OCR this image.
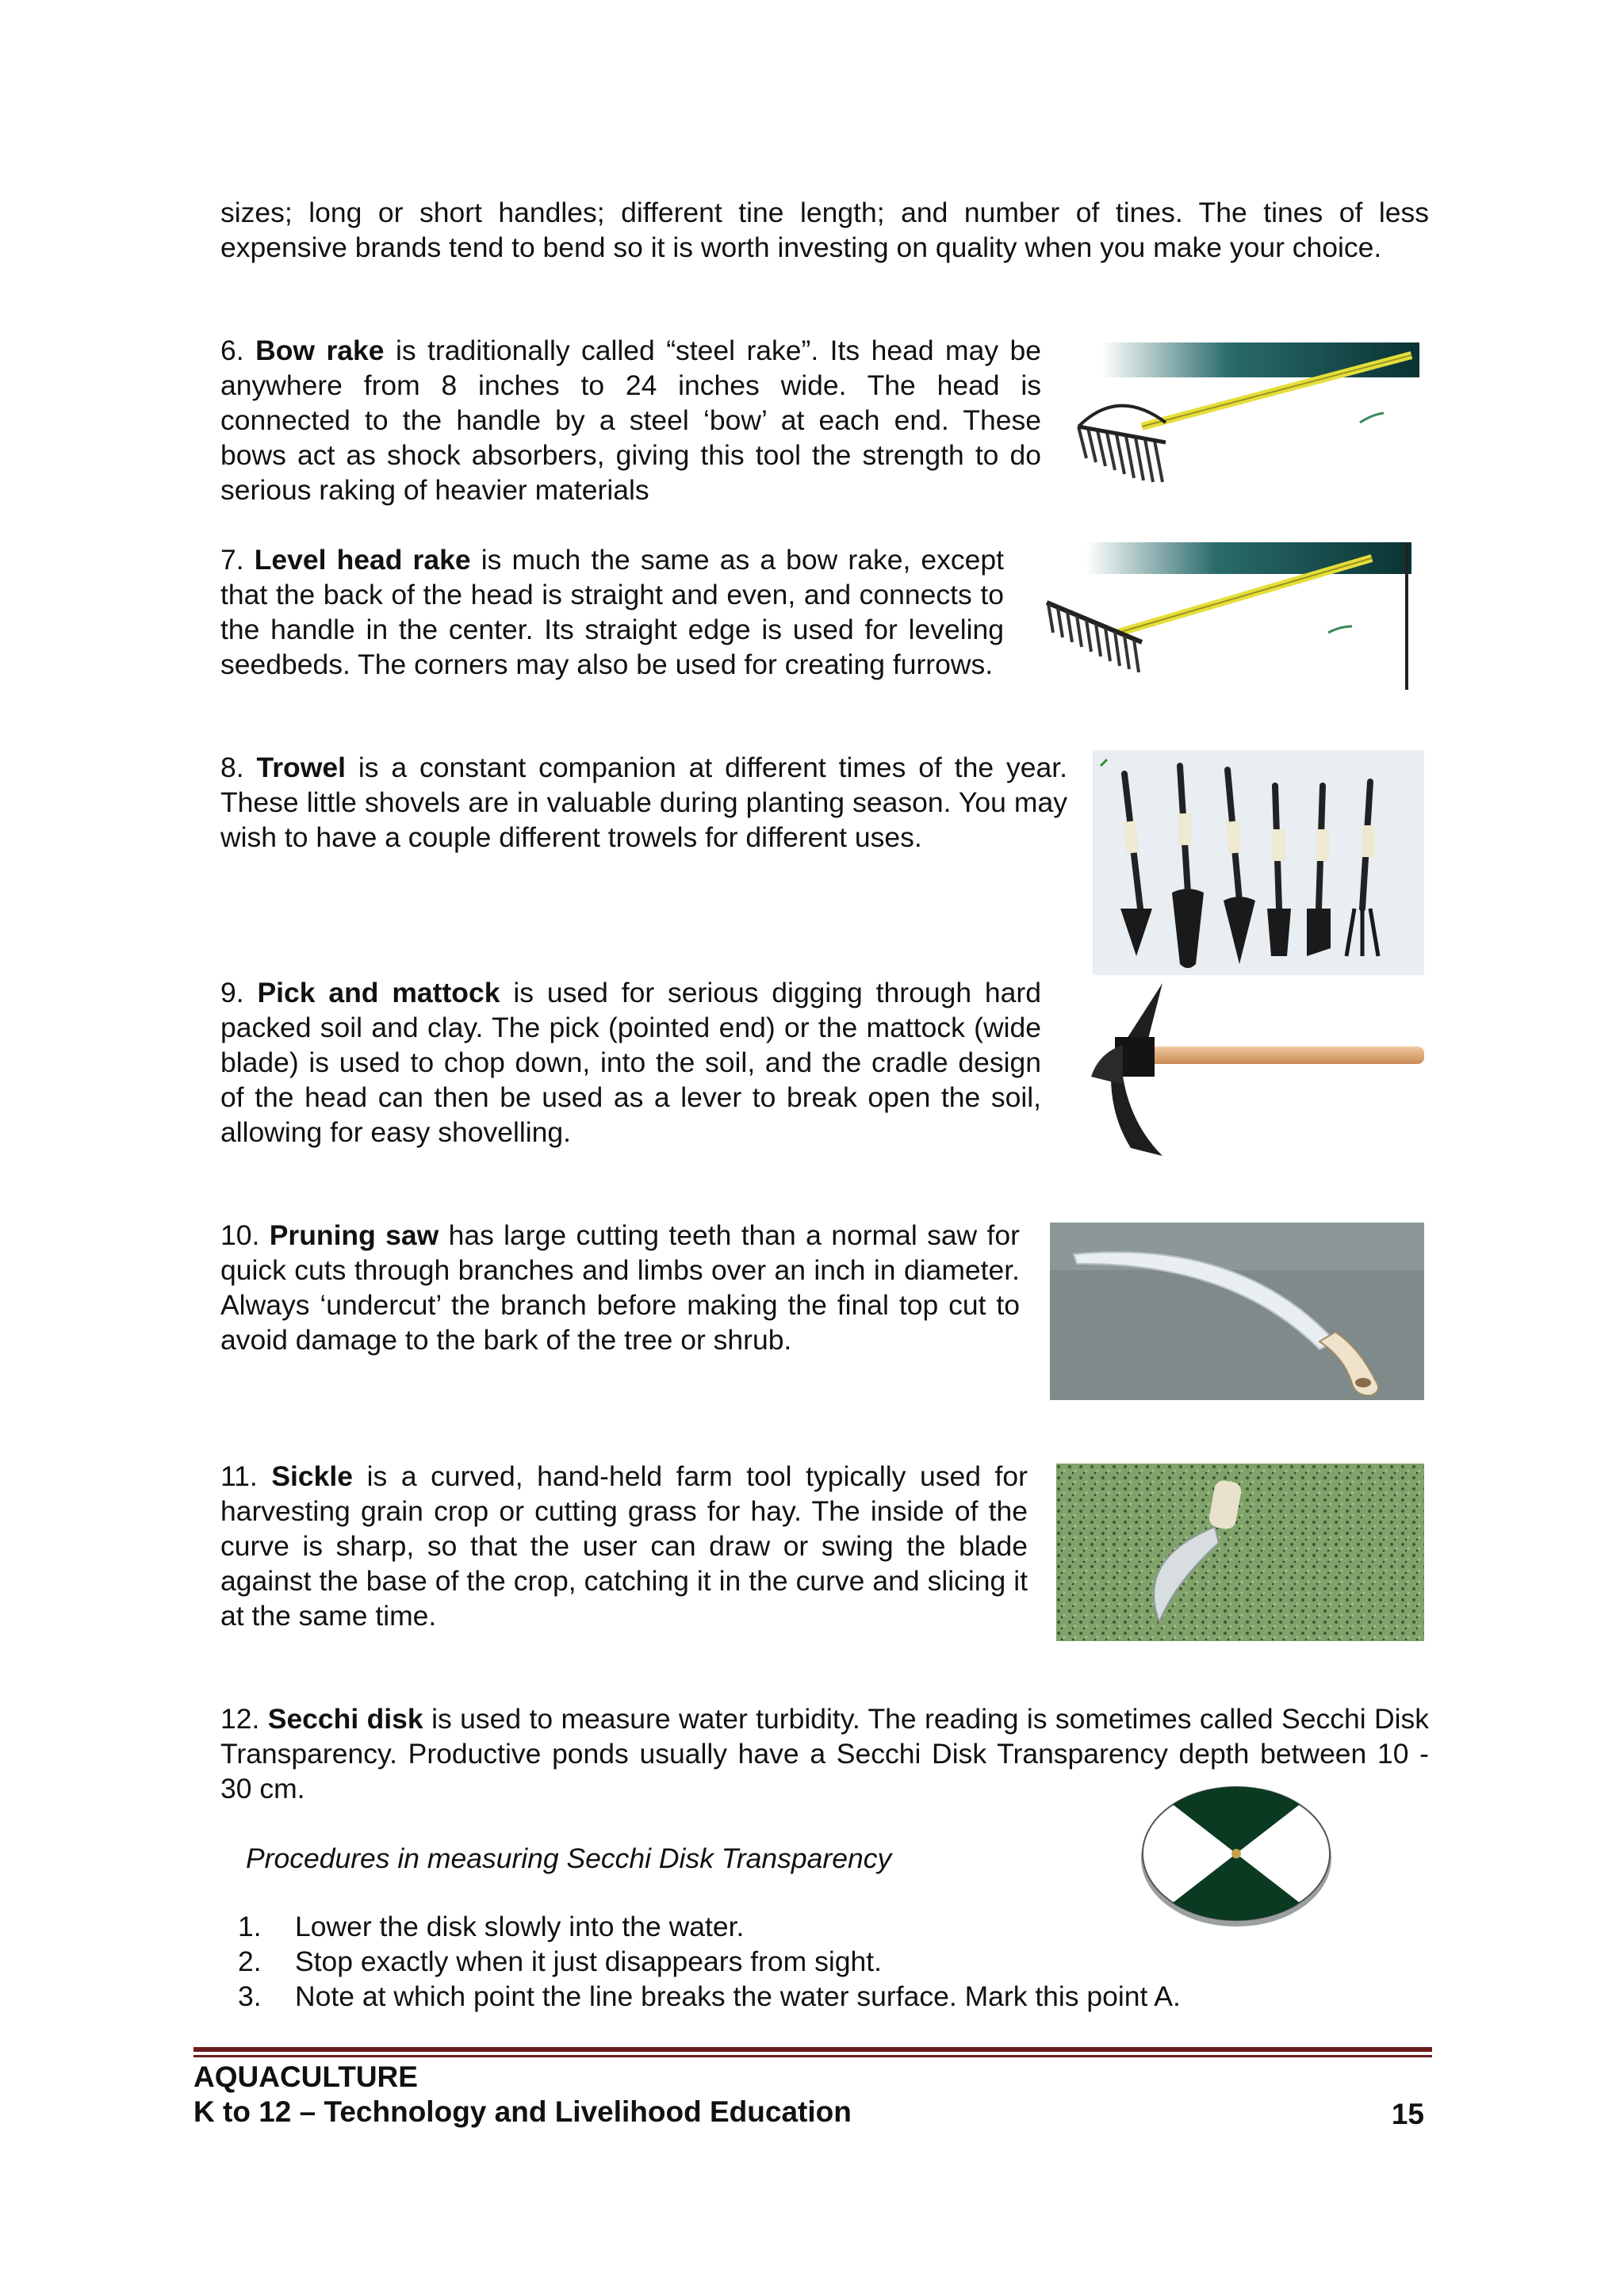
sizes; long or short handles; different tine length; and number of tines. The tines of less expensive brands tend to bend so it is worth investing on quality when you make your choice.

6. Bow rake is traditionally called “steel rake”. Its head may be anywhere from 8 inches to 24 inches wide. The head is connected to the handle by a steel ‘bow’ at each end. These bows act as shock absorbers, giving this tool the strength to do serious raking of heavier materials

7. Level head rake is much the same as a bow rake, except that the back of the head is straight and even, and connects to the handle in the center. Its straight edge is used for leveling seedbeds. The corners may also be used for creating furrows.

8. Trowel is a constant companion at different times of the year. These little shovels are in valuable during planting season. You may wish to have a couple different trowels for different uses.

9. Pick and mattock is used for serious digging through hard packed soil and clay. The pick (pointed end) or the mattock (wide blade) is used to chop down, into the soil, and the cradle design of the head can then be used as a lever to break open the soil, allowing for easy shovelling.

10. Pruning saw has large cutting teeth than a normal saw for quick cuts through branches and limbs over an inch in diameter. Always ‘undercut’ the branch before making the final top cut to avoid damage to the bark of the tree or shrub.

11. Sickle is a curved, hand-held farm tool typically used for harvesting grain crop or cutting grass for hay. The inside of the curve is sharp, so that the user can draw or swing the blade against the base of the crop, catching it in the curve and slicing it at the same time.

12. Secchi disk is used to measure water turbidity. The reading is sometimes called Secchi Disk Transparency. Productive ponds usually have a Secchi Disk Transparency depth between 10 - 30 cm.

Procedures in measuring Secchi Disk Transparency

1. Lower the disk slowly into the water.
2. Stop exactly when it just disappears from sight.
3. Note at which point the line breaks the water surface. Mark this point A.
AQUACULTURE
K to 12 – Technology and Livelihood Education	15
